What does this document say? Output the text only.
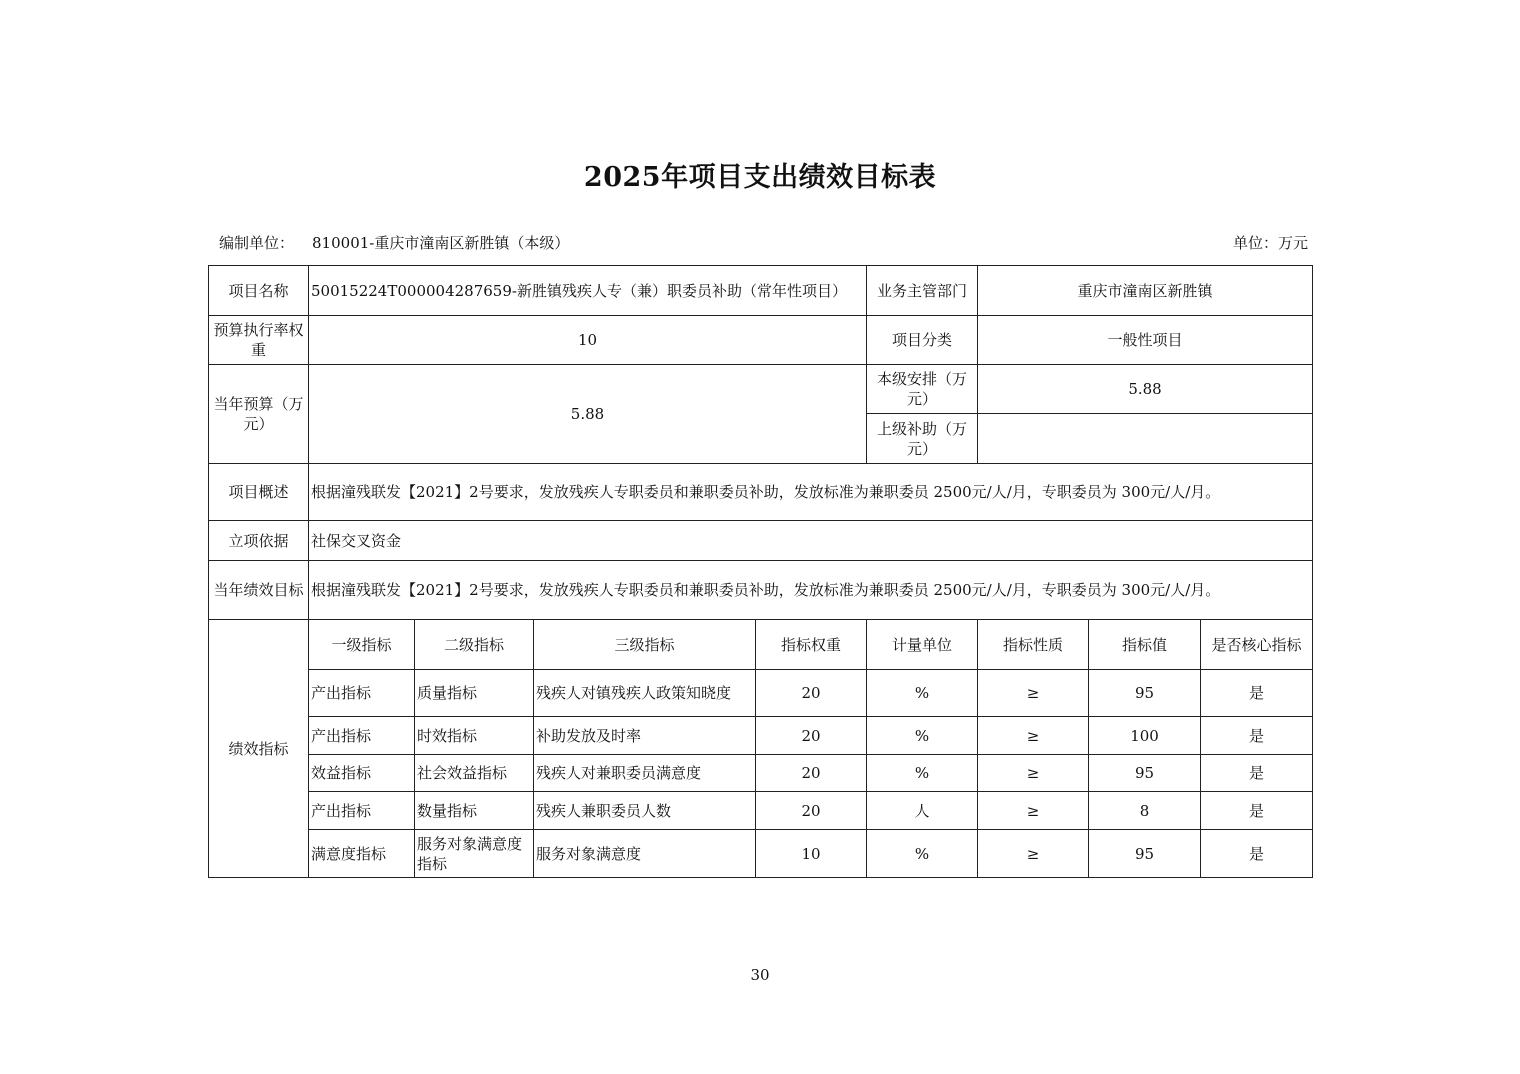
2025年项目支出绩效目标表
编制单位： 810001-重庆市潼南区新胜镇（本级）	单位：万元
项目名称	50015224T000004287659-新胜镇残疾人专（兼）职委员补助（常年性项目）				业务主管部门	重庆市潼南区新胜镇		
预算执行率权重	10				项目分类	一般性项目		
当年预算（万元）	5.88				本级安排（万元）	5.88		
					上级补助（万元）			
项目概述	根据潼残联发【2021】2号要求，发放残疾人专职委员和兼职委员补助，发放标准为兼职委员 2500元/人/月，专职委员为 300元/人/月。							
立项依据	社保交叉资金							
当年绩效目标	根据潼残联发【2021】2号要求，发放残疾人专职委员和兼职委员补助，发放标准为兼职委员 2500元/人/月，专职委员为 300元/人/月。							
绩效指标	一级指标	二级指标	三级指标	指标权重	计量单位	指标性质	指标值	是否核心指标
	产出指标	质量指标	残疾人对镇残疾人政策知晓度	20	%	≥	95	是
	产出指标	时效指标	补助发放及时率	20	%	≥	100	是
	效益指标	社会效益指标	残疾人对兼职委员满意度	20	%	≥	95	是
	产出指标	数量指标	残疾人兼职委员人数	20	人	≥	8	是
	满意度指标	服务对象满意度指标	服务对象满意度	10	%	≥	95	是
30
